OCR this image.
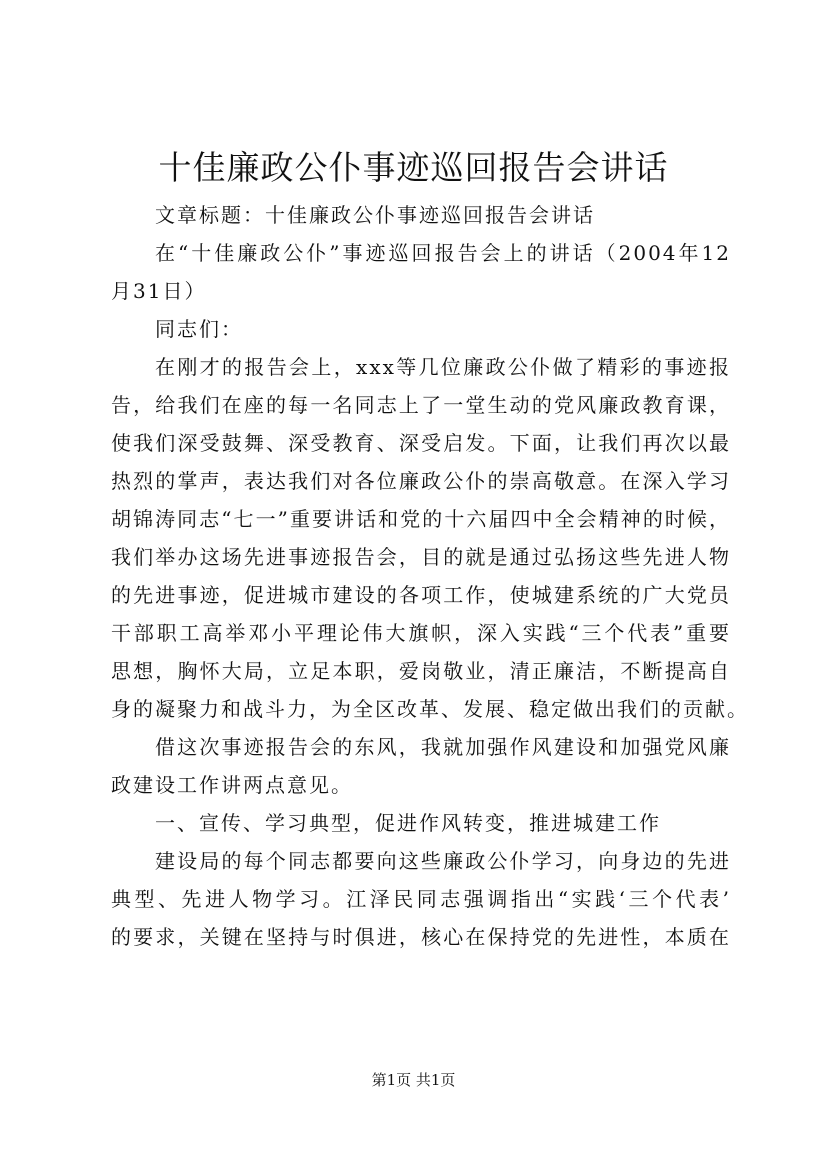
十佳廉政公仆事迹巡回报告会讲话
文章标题：十佳廉政公仆事迹巡回报告会讲话
在“十佳廉政公仆”事迹巡回报告会上的讲话（2004年12
月31日）
同志们：
在刚才的报告会上，xxx等几位廉政公仆做了精彩的事迹报
告，给我们在座的每一名同志上了一堂生动的党风廉政教育课，
使我们深受鼓舞、深受教育、深受启发。下面，让我们再次以最
热烈的掌声，表达我们对各位廉政公仆的崇高敬意。在深入学习
胡锦涛同志“七一”重要讲话和党的十六届四中全会精神的时候，
我们举办这场先进事迹报告会，目的就是通过弘扬这些先进人物
的先进事迹，促进城市建设的各项工作，使城建系统的广大党员
干部职工高举邓小平理论伟大旗帜，深入实践“三个代表”重要
思想，胸怀大局，立足本职，爱岗敬业，清正廉洁，不断提高自
身的凝聚力和战斗力，为全区改革、发展、稳定做出我们的贡献。
借这次事迹报告会的东风，我就加强作风建设和加强党风廉
政建设工作讲两点意见。
一、宣传、学习典型，促进作风转变，推进城建工作
建设局的每个同志都要向这些廉政公仆学习，向身边的先进
典型、先进人物学习。江泽民同志强调指出“实践‘三个代表’
的要求，关键在坚持与时俱进，核心在保持党的先进性，本质在
第1页 共1页
